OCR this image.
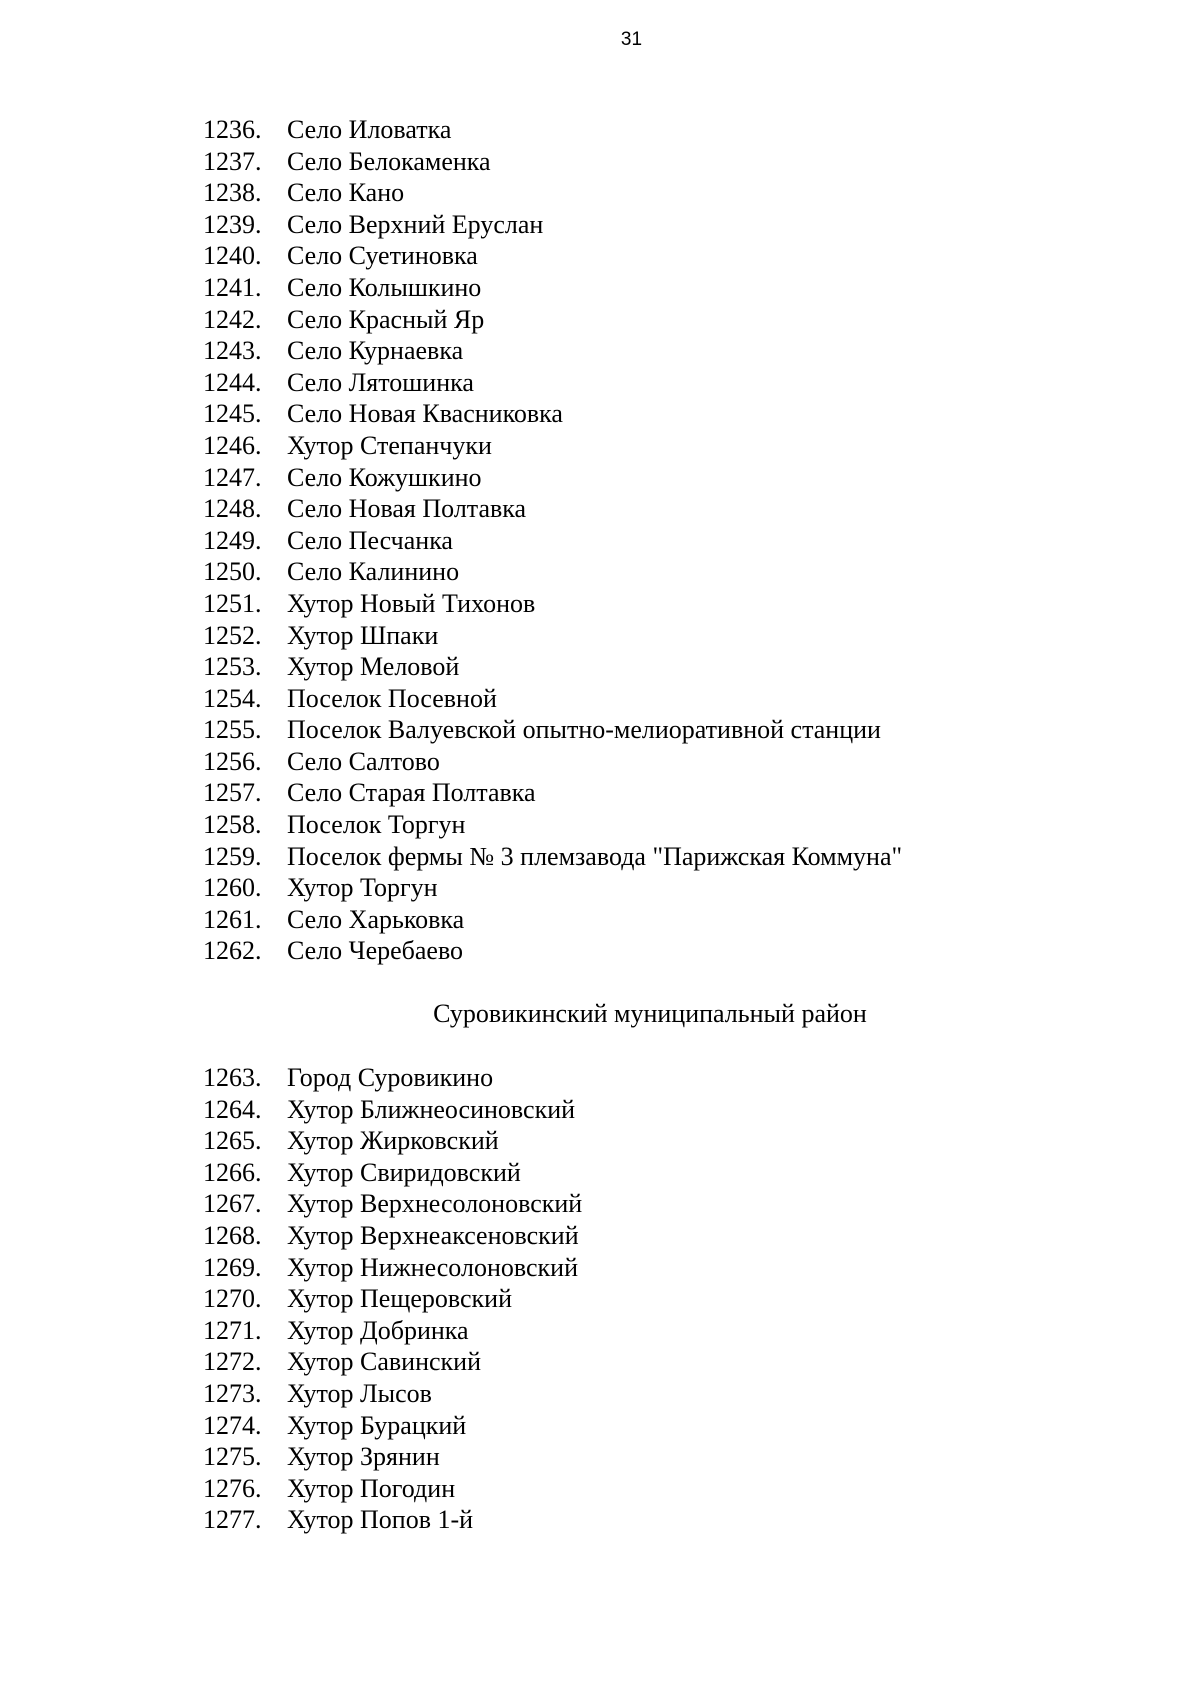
31
1236. Село Иловатка
1237. Село Белокаменка
1238. Село Кано
1239. Село Верхний Еруслан
1240. Село Суетиновка
1241. Село Колышкино
1242. Село Красный Яр
1243. Село Курнаевка
1244. Село Лятошинка
1245. Село Новая Квасниковка
1246. Хутор Степанчуки
1247. Село Кожушкино
1248. Село Новая Полтавка
1249. Село Песчанка
1250. Село Калинино
1251. Хутор Новый Тихонов
1252. Хутор Шпаки
1253. Хутор Меловой
1254. Поселок Посевной
1255. Поселок Валуевской опытно-мелиоративной станции
1256. Село Салтово
1257. Село Старая Полтавка
1258. Поселок Торгун
1259. Поселок фермы № 3 племзавода "Парижская Коммуна"
1260. Хутор Торгун
1261. Село Харьковка
1262. Село Черебаево
Суровикинский муниципальный район
1263. Город Суровикино
1264. Хутор Ближнеосиновский
1265. Хутор Жирковский
1266. Хутор Свиридовский
1267. Хутор Верхнесолоновский
1268. Хутор Верхнеаксеновский
1269. Хутор Нижнесолоновский
1270. Хутор Пещеровский
1271. Хутор Добринка
1272. Хутор Савинский
1273. Хутор Лысов
1274. Хутор Бурацкий
1275. Хутор Зрянин
1276. Хутор Погодин
1277. Хутор Попов 1-й
